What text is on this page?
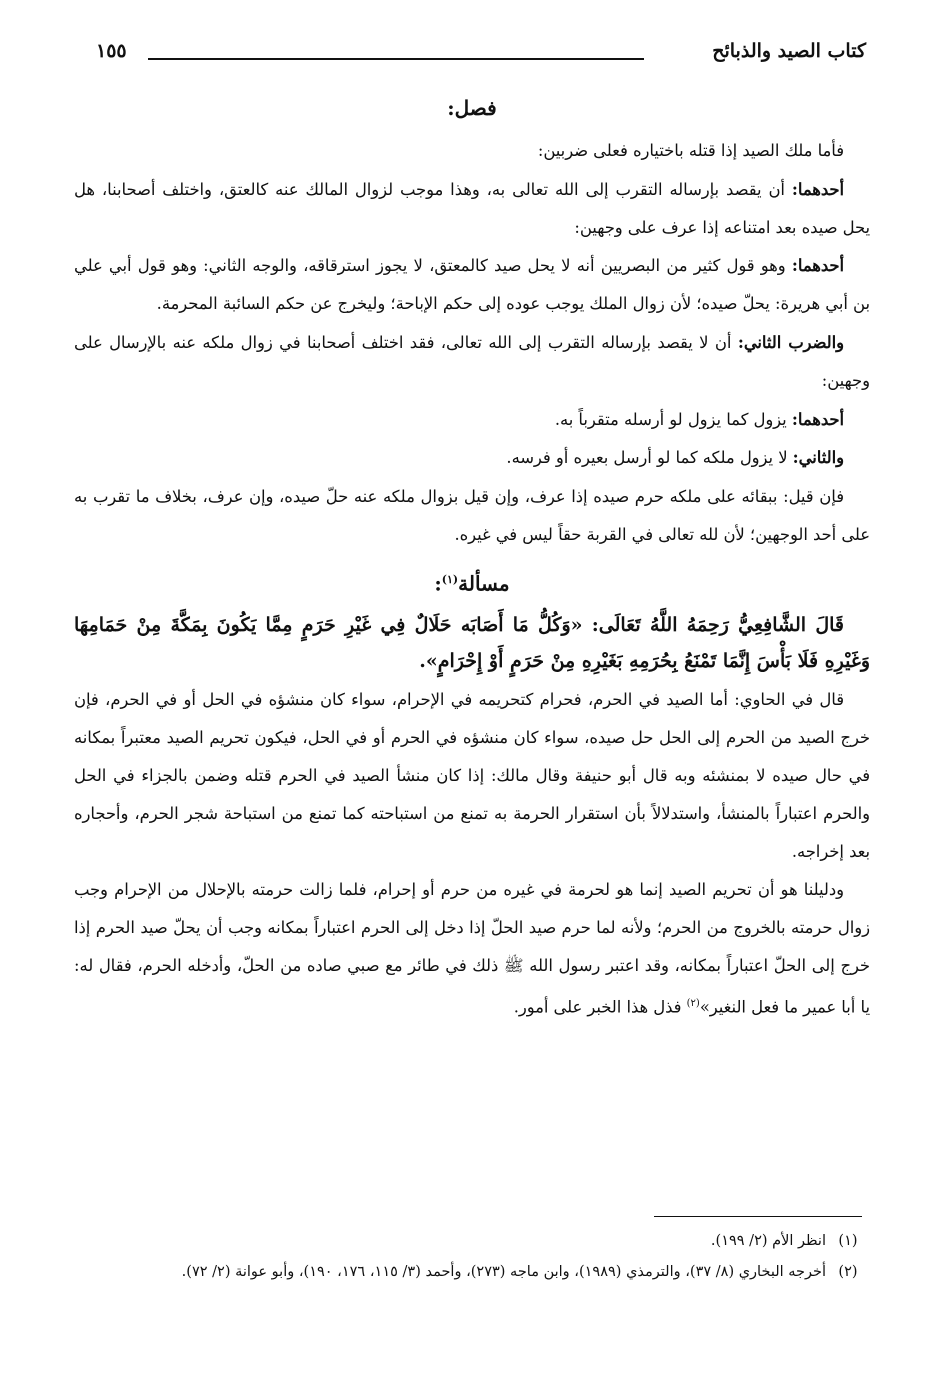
كتاب الصيد والذبائح
١٥٥
فصل:

فأما ملك الصيد إذا قتله باختياره فعلى ضربين:

أحدهما: أن يقصد بإرساله التقرب إلى الله تعالى به، وهذا موجب لزوال المالك عنه كالعتق، واختلف أصحابنا، هل يحل صيده بعد امتناعه إذا عرف على وجهين:

أحدهما: وهو قول كثير من البصريين أنه لا يحل صيد كالمعتق، لا يجوز استرقاقه، والوجه الثاني: وهو قول أبي علي بن أبي هريرة: يحلّ صيده؛ لأن زوال الملك يوجب عوده إلى حكم الإباحة؛ وليخرج عن حكم السائبة المحرمة.

والضرب الثاني: أن لا يقصد بإرساله التقرب إلى الله تعالى، فقد اختلف أصحابنا في زوال ملكه عنه بالإرسال على وجهين:

أحدهما: يزول كما يزول لو أرسله متقرباً به.

والثاني: لا يزول ملكه كما لو أرسل بعيره أو فرسه.

فإن قيل: ببقائه على ملكه حرم صيده إذا عرف، وإن قيل بزوال ملكه عنه حلّ صيده، وإن عرف، بخلاف ما تقرب به على أحد الوجهين؛ لأن لله تعالى في القربة حقاً ليس في غيره.

مسألة$^{(١)}$:
قَالَ الشَّافِعِيُّ رَحِمَهُ اللَّهُ تَعَالَى: «وَكُلُّ مَا أَصَابَه حَلَالٌ فِي غَيْرِ حَرَمٍ مِمَّا يَكُونَ بِمَكَّةَ مِنْ حَمَامِهَا وَغَيْرِهِ فَلَا بَأْسَ إِنَّمَا تَمْنَعُ بِحُرَمِهِ بَغَيْرِهِ مِنْ حَرَمٍ أَوْ إِحْرَامٍ».

قال في الحاوي: أما الصيد في الحرم، فحرام كتحريمه في الإحرام، سواء كان منشؤه في الحل أو في الحرم، فإن خرج الصيد من الحرم إلى الحل حل صيده، سواء كان منشؤه في الحرم أو في الحل، فيكون تحريم الصيد معتبراً بمكانه في حال صيده لا بمنشئه وبه قال أبو حنيفة وقال مالك: إذا كان منشأ الصيد في الحرم قتله وضمن بالجزاء في الحل والحرم اعتباراً بالمنشأ، واستدلالاً بأن استقرار الحرمة به تمنع من استباحته كما تمنع من استباحة شجر الحرم، وأحجاره بعد إخراجه.

ودليلنا هو أن تحريم الصيد إنما هو لحرمة في غيره من حرم أو إحرام، فلما زالت حرمته بالإحلال من الإحرام وجب زوال حرمته بالخروج من الحرم؛ ولأنه لما حرم صيد الحلّ إذا دخل إلى الحرم اعتباراً بمكانه وجب أن يحلّ صيد الحرم إذا خرج إلى الحلّ اعتباراً بمكانه، وقد اعتبر رسول الله ﷺ ذلك في طائر مع صبي صاده من الحلّ، وأدخله الحرم، فقال له: يا أبا عمير ما فعل النغير»$^{(٢)}$ فذل هذا الخبر على أمور.

(١)
انظر الأم (٢/ ١٩٩).
(٢)
أخرجه البخاري (٨/ ٣٧)، والترمذي (١٩٨٩)، وابن ماجه (٢٧٣)، وأحمد (٣/ ١١٥، ١٧٦، ١٩٠)، وأبو عوانة (٢/ ٧٢).
